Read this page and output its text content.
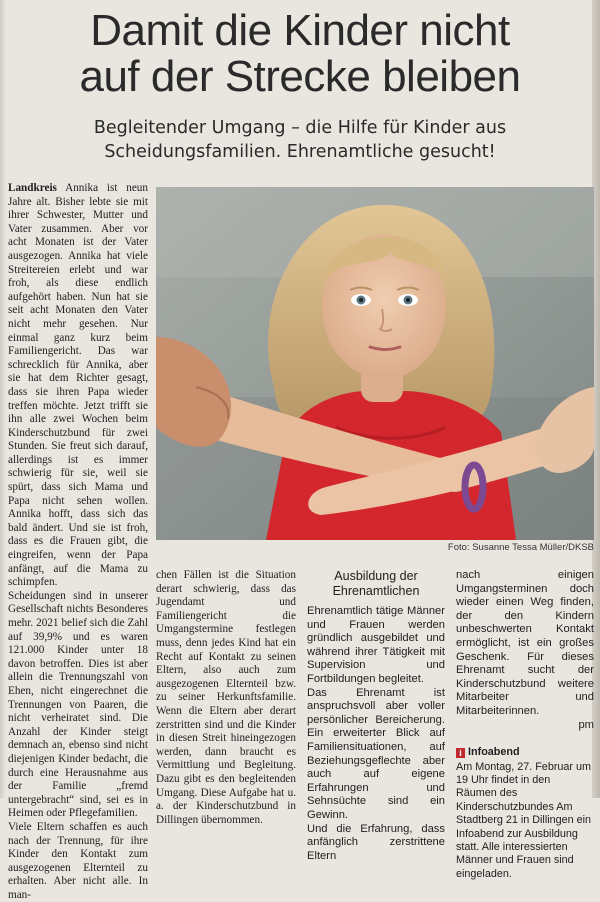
Damit die Kinder nicht
auf der Strecke bleiben
Begleitender Umgang – die Hilfe für Kinder aus
Scheidungsfamilien. Ehrenamtliche gesucht!

Landkreis Annika ist neun Jahre alt. Bisher lebte sie mit ihrer Schwester, Mutter und Vater zusammen. Aber vor acht Monaten ist der Vater ausgezogen. Annika hat viele Streitereien erlebt und war froh, als diese endlich aufgehört haben. Nun hat sie seit acht Monaten den Vater nicht mehr gesehen. Nur einmal ganz kurz beim Familiengericht. Das war schrecklich für Annika, aber sie hat dem Richter gesagt, dass sie ihren Papa wieder treffen möchte. Jetzt trifft sie ihn alle zwei Wochen beim Kinderschutzbund für zwei Stunden. Sie freut sich darauf, allerdings ist es immer schwierig für sie, weil sie spürt, dass sich Mama und Papa nicht sehen wollen. Annika hofft, dass sich das bald ändert. Und sie ist froh, dass es die Frauen gibt, die eingreifen, wenn der Papa anfängt, auf die Mama zu schimpfen.

Scheidungen sind in unserer Gesellschaft nichts Besonderes mehr. 2021 belief sich die Zahl auf 39,9% und es waren 121.000 Kinder unter 18 davon betroffen. Dies ist aber allein die Trennungszahl von Ehen, nicht eingerechnet die Trennungen von Paaren, die nicht verheiratet sind. Die Anzahl der Kinder steigt demnach an, ebenso sind nicht diejenigen Kinder bedacht, die durch eine Herausnahme aus der Familie „fremd untergebracht“ sind, sei es in Heimen oder Pflegefamilien.

Viele Eltern schaffen es auch nach der Trennung, für ihre Kinder den Kontakt zum ausgezogenen Elternteil zu erhalten. Aber nicht alle. In man-

Foto: Susanne Tessa Müller/DKSB

chen Fällen ist die Situation derart schwierig, dass das Jugendamt und Familiengericht die Umgangstermine festlegen muss, denn jedes Kind hat ein Recht auf Kontakt zu seinen Eltern, also auch zum ausgezogenen Elternteil bzw. zu seiner Herkunftsfamilie. Wenn die Eltern aber derart zerstritten sind und die Kinder in diesen Streit hineingezogen werden, dann braucht es Vermittlung und Begleitung. Dazu gibt es den begleitenden Umgang. Diese Aufgabe hat u. a. der Kinderschutzbund in Dillingen übernommen.

Ausbildung der Ehrenamtlichen

Ehrenamtlich tätige Männer und Frauen werden gründlich ausgebildet und während ihrer Tätigkeit mit Supervision und Fortbildungen begleitet.

Das Ehrenamt ist anspruchsvoll aber voller persönlicher Bereicherung. Ein erweiterter Blick auf Familiensituationen, auf Beziehungsgeflechte aber auch auf eigene Erfahrungen und Sehnsüchte sind ein Gewinn.

Und die Erfahrung, dass anfänglich zerstrittene Eltern

nach einigen Umgangsterminen doch wieder einen Weg finden, der den Kindern unbeschwerten Kontakt ermöglicht, ist ein großes Geschenk. Für dieses Ehrenamt sucht der Kinderschutzbund weitere Mitarbeiter und Mitarbeiterinnen.

pm

i Infoabend
Am Montag, 27. Februar um 19 Uhr findet in den Räumen des Kinderschutzbundes Am Stadtberg 21 in Dillingen ein Infoabend zur Ausbildung statt. Alle interessierten Männer und Frauen sind eingeladen.
